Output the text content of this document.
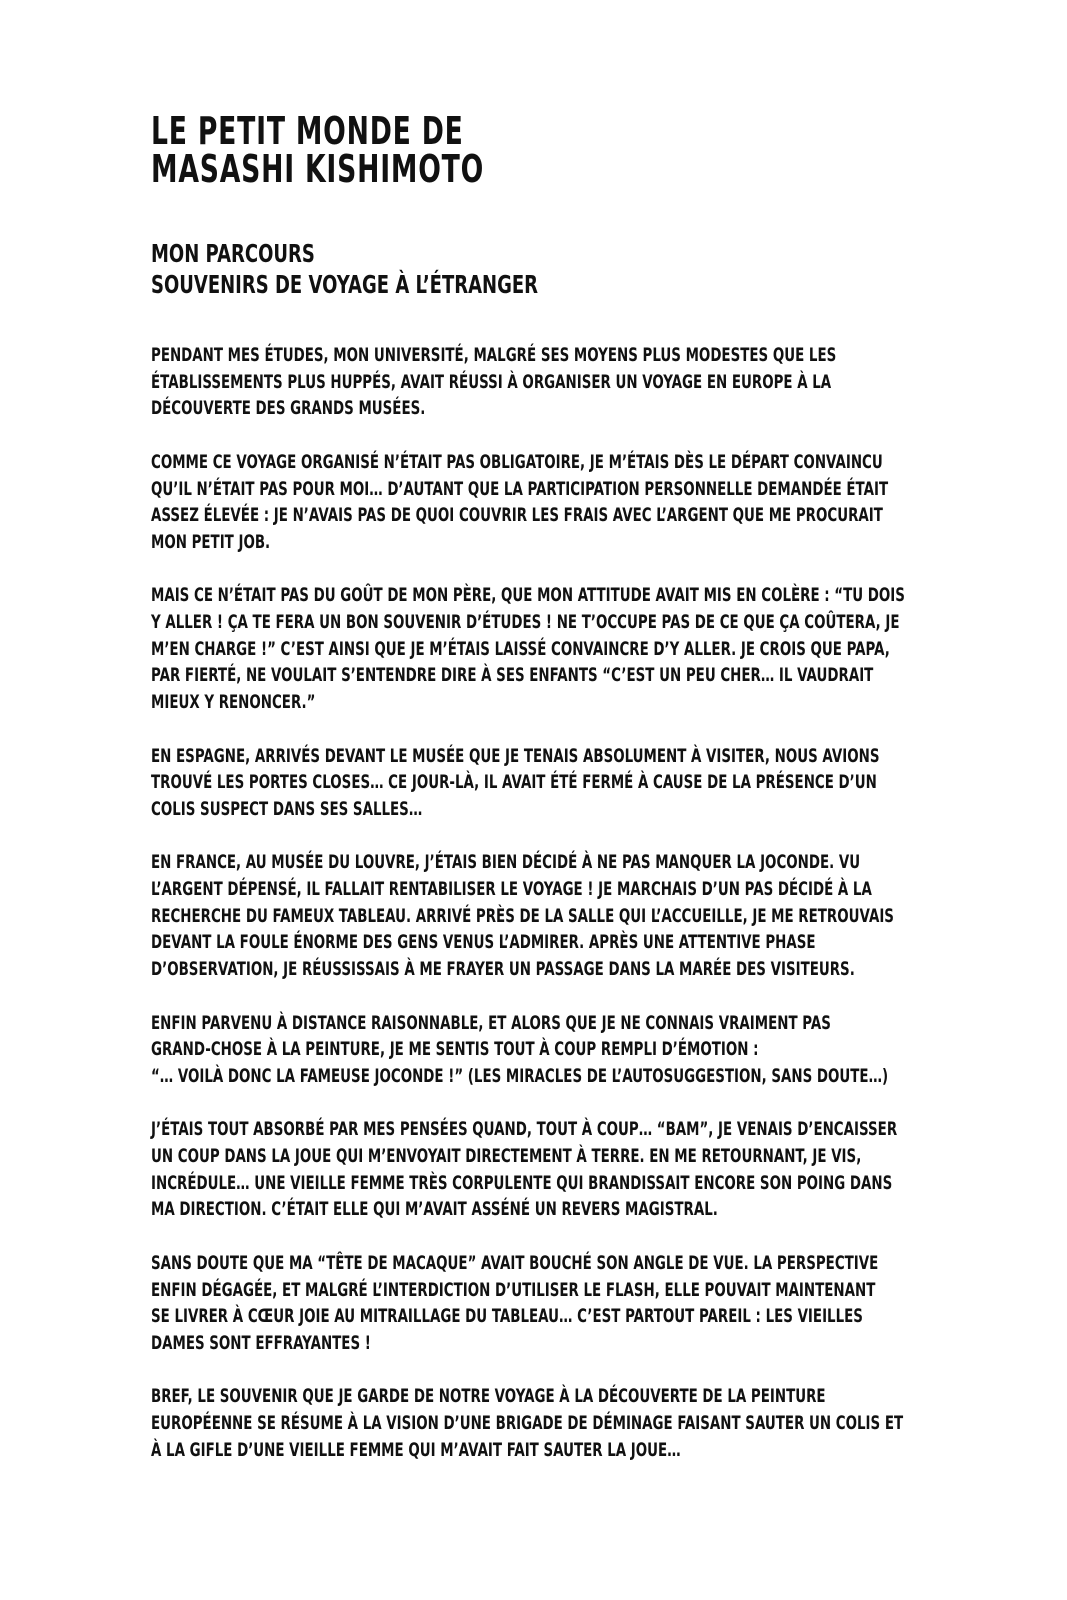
LE PETIT MONDE DE
MASASHI KISHIMOTO
MON PARCOURS
SOUVENIRS DE VOYAGE À L’ÉTRANGER

PENDANT MES ÉTUDES, MON UNIVERSITÉ, MALGRÉ SES MOYENS PLUS MODESTES QUE LES
ÉTABLISSEMENTS PLUS HUPPÉS, AVAIT RÉUSSI À ORGANISER UN VOYAGE EN EUROPE À LA
DÉCOUVERTE DES GRANDS MUSÉES.

COMME CE VOYAGE ORGANISÉ N’ÉTAIT PAS OBLIGATOIRE, JE M’ÉTAIS DÈS LE DÉPART CONVAINCU
QU’IL N’ÉTAIT PAS POUR MOI… D’AUTANT QUE LA PARTICIPATION PERSONNELLE DEMANDÉE ÉTAIT
ASSEZ ÉLEVÉE : JE N’AVAIS PAS DE QUOI COUVRIR LES FRAIS AVEC L’ARGENT QUE ME PROCURAIT
MON PETIT JOB.

MAIS CE N’ÉTAIT PAS DU GOÛT DE MON PÈRE, QUE MON ATTITUDE AVAIT MIS EN COLÈRE : “TU DOIS
Y ALLER ! ÇA TE FERA UN BON SOUVENIR D’ÉTUDES ! NE T’OCCUPE PAS DE CE QUE ÇA COÛTERA, JE
M’EN CHARGE !” C’EST AINSI QUE JE M’ÉTAIS LAISSÉ CONVAINCRE D’Y ALLER. JE CROIS QUE PAPA,
PAR FIERTÉ, NE VOULAIT S’ENTENDRE DIRE À SES ENFANTS “C’EST UN PEU CHER… IL VAUDRAIT
MIEUX Y RENONCER.”

EN ESPAGNE, ARRIVÉS DEVANT LE MUSÉE QUE JE TENAIS ABSOLUMENT À VISITER, NOUS AVIONS
TROUVÉ LES PORTES CLOSES… CE JOUR-LÀ, IL AVAIT ÉTÉ FERMÉ À CAUSE DE LA PRÉSENCE D’UN
COLIS SUSPECT DANS SES SALLES…

EN FRANCE, AU MUSÉE DU LOUVRE, J’ÉTAIS BIEN DÉCIDÉ À NE PAS MANQUER LA JOCONDE. VU
L’ARGENT DÉPENSÉ, IL FALLAIT RENTABILISER LE VOYAGE ! JE MARCHAIS D’UN PAS DÉCIDÉ À LA
RECHERCHE DU FAMEUX TABLEAU. ARRIVÉ PRÈS DE LA SALLE QUI L’ACCUEILLE, JE ME RETROUVAIS
DEVANT LA FOULE ÉNORME DES GENS VENUS L’ADMIRER. APRÈS UNE ATTENTIVE PHASE
D’OBSERVATION, JE RÉUSSISSAIS À ME FRAYER UN PASSAGE DANS LA MARÉE DES VISITEURS.

ENFIN PARVENU À DISTANCE RAISONNABLE, ET ALORS QUE JE NE CONNAIS VRAIMENT PAS
GRAND-CHOSE À LA PEINTURE, JE ME SENTIS TOUT À COUP REMPLI D’ÉMOTION :
“… VOILÀ DONC LA FAMEUSE JOCONDE !” (LES MIRACLES DE L’AUTOSUGGESTION, SANS DOUTE…)

J’ÉTAIS TOUT ABSORBÉ PAR MES PENSÉES QUAND, TOUT À COUP… “BAM”, JE VENAIS D’ENCAISSER
UN COUP DANS LA JOUE QUI M’ENVOYAIT DIRECTEMENT À TERRE. EN ME RETOURNANT, JE VIS,
INCRÉDULE… UNE VIEILLE FEMME TRÈS CORPULENTE QUI BRANDISSAIT ENCORE SON POING DANS
MA DIRECTION. C’ÉTAIT ELLE QUI M’AVAIT ASSÉNÉ UN REVERS MAGISTRAL.

SANS DOUTE QUE MA “TÊTE DE MACAQUE” AVAIT BOUCHÉ SON ANGLE DE VUE. LA PERSPECTIVE
ENFIN DÉGAGÉE, ET MALGRÉ L’INTERDICTION D’UTILISER LE FLASH, ELLE POUVAIT MAINTENANT
SE LIVRER À CŒUR JOIE AU MITRAILLAGE DU TABLEAU… C’EST PARTOUT PAREIL : LES VIEILLES
DAMES SONT EFFRAYANTES !

BREF, LE SOUVENIR QUE JE GARDE DE NOTRE VOYAGE À LA DÉCOUVERTE DE LA PEINTURE
EUROPÉENNE SE RÉSUME À LA VISION D’UNE BRIGADE DE DÉMINAGE FAISANT SAUTER UN COLIS ET
À LA GIFLE D’UNE VIEILLE FEMME QUI M’AVAIT FAIT SAUTER LA JOUE…
